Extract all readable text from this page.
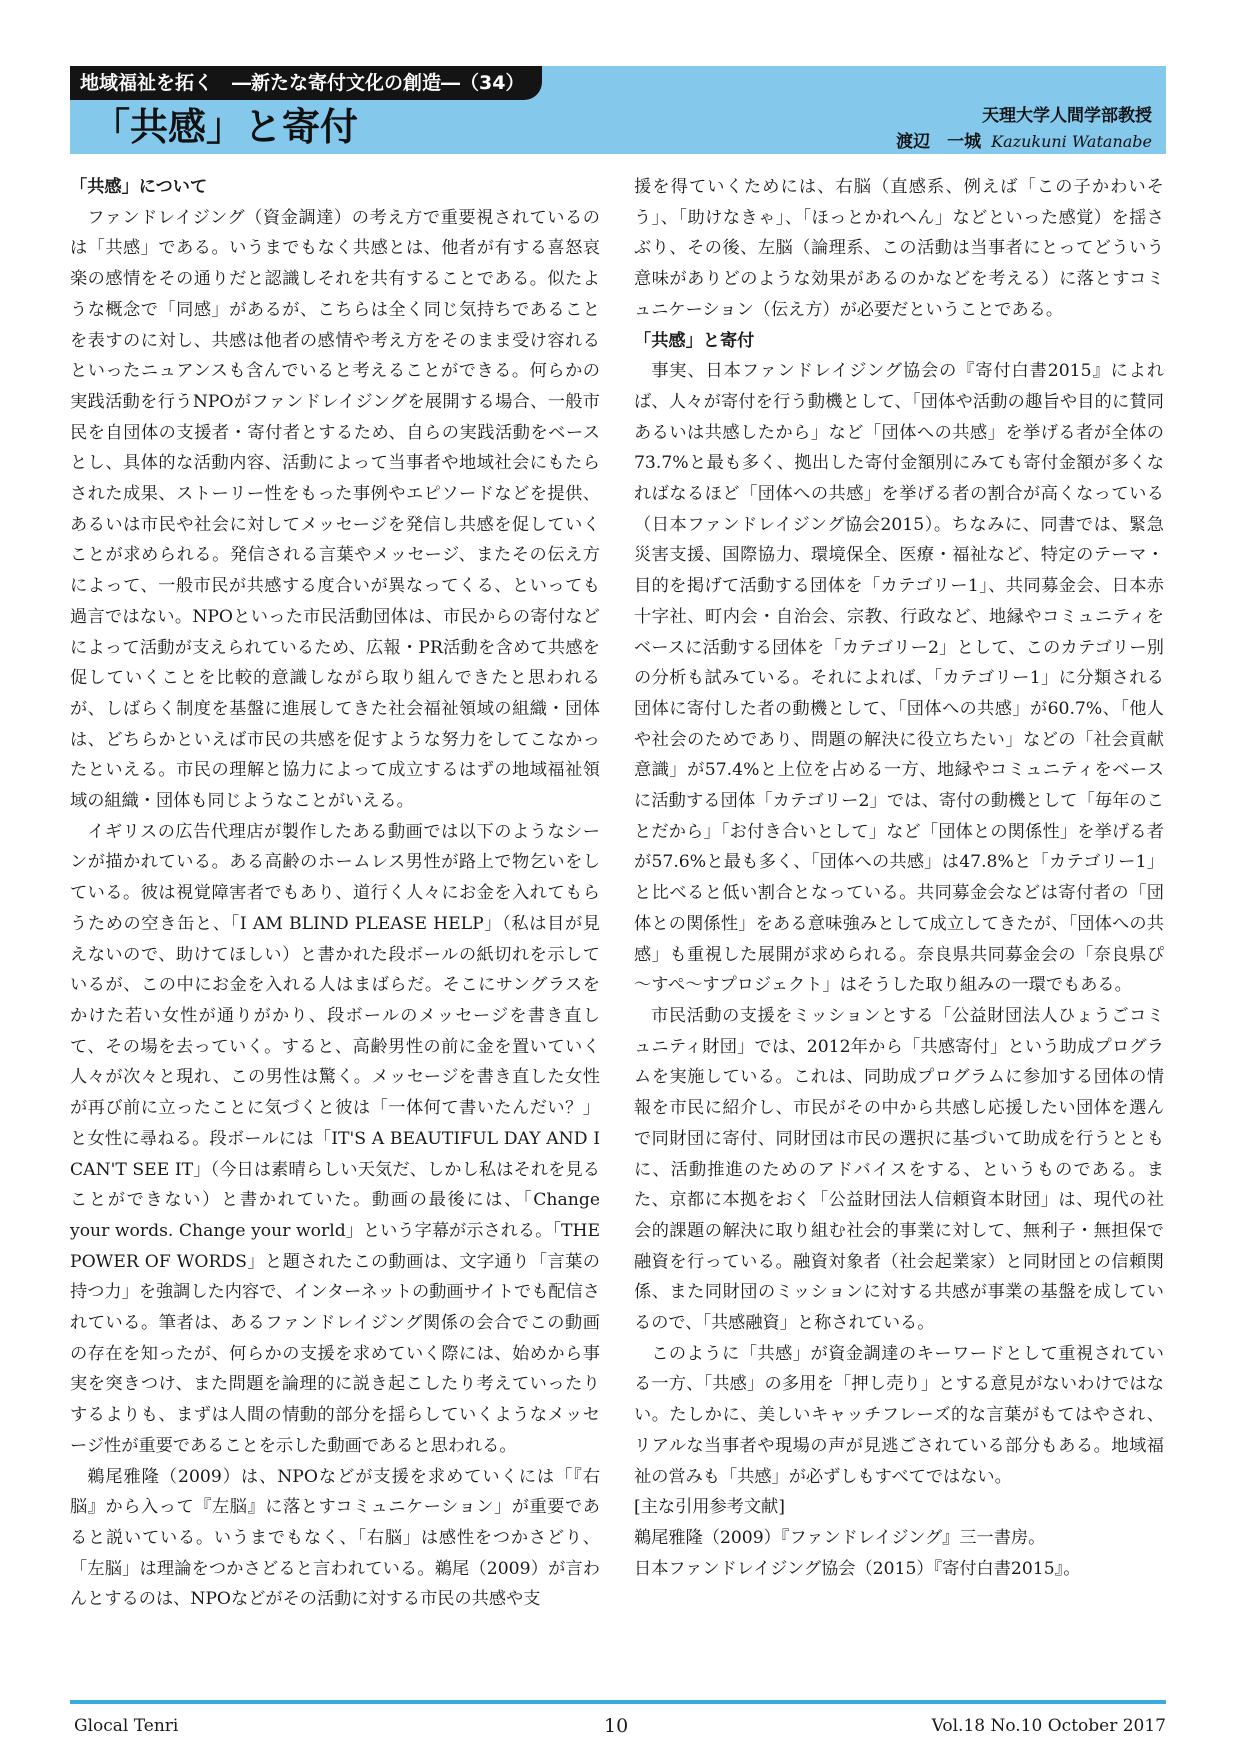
地域福祉を拓く　―新たな寄付文化の創造―（34）
「共感」と寄付	天理大学人間学部教授
渡辺　一城 Kazukuni Watanabe
「共感」について

ファンドレイジング（資金調達）の考え方で重要視されているのは「共感」である。いうまでもなく共感とは、他者が有する喜怒哀楽の感情をその通りだと認識しそれを共有することである。似たような概念で「同感」があるが、こちらは全く同じ気持ちであることを表すのに対し、共感は他者の感情や考え方をそのまま受け容れるといったニュアンスも含んでいると考えることができる。何らかの実践活動を行うNPOがファンドレイジングを展開する場合、一般市民を自団体の支援者・寄付者とするため、自らの実践活動をベースとし、具体的な活動内容、活動によって当事者や地域社会にもたらされた成果、ストーリー性をもった事例やエピソードなどを提供、あるいは市民や社会に対してメッセージを発信し共感を促していくことが求められる。発信される言葉やメッセージ、またその伝え方によって、一般市民が共感する度合いが異なってくる、といっても過言ではない。NPOといった市民活動団体は、市民からの寄付などによって活動が支えられているため、広報・PR活動を含めて共感を促していくことを比較的意識しながら取り組んできたと思われるが、しばらく制度を基盤に進展してきた社会福祉領域の組織・団体は、どちらかといえば市民の共感を促すような努力をしてこなかったといえる。市民の理解と協力によって成立するはずの地域福祉領域の組織・団体も同じようなことがいえる。

イギリスの広告代理店が製作したある動画では以下のようなシーンが描かれている。ある高齢のホームレス男性が路上で物乞いをしている。彼は視覚障害者でもあり、道行く人々にお金を入れてもらうための空き缶と、「I AM BLIND PLEASE HELP」（私は目が見えないので、助けてほしい）と書かれた段ボールの紙切れを示しているが、この中にお金を入れる人はまばらだ。そこにサングラスをかけた若い女性が通りがかり、段ボールのメッセージを書き直して、その場を去っていく。すると、高齢男性の前に金を置いていく人々が次々と現れ、この男性は驚く。メッセージを書き直した女性が再び前に立ったことに気づくと彼は「一体何て書いたんだい？」と女性に尋ねる。段ボールには「IT'S A BEAUTIFUL DAY AND I CAN'T SEE IT」（今日は素晴らしい天気だ、しかし私はそれを見ることができない）と書かれていた。動画の最後には、「Change your words. Change your world」という字幕が示される。「THE POWER OF WORDS」と題されたこの動画は、文字通り「言葉の持つ力」を強調した内容で、インターネットの動画サイトでも配信されている。筆者は、あるファンドレイジング関係の会合でこの動画の存在を知ったが、何らかの支援を求めていく際には、始めから事実を突きつけ、また問題を論理的に説き起こしたり考えていったりするよりも、まずは人間の情動的部分を揺らしていくようなメッセージ性が重要であることを示した動画であると思われる。

鵜尾雅隆（2009）は、NPOなどが支援を求めていくには「『右脳』から入って『左脳』に落とすコミュニケーション」が重要であると説いている。いうまでもなく、「右脳」は感性をつかさどり、「左脳」は理論をつかさどると言われている。鵜尾（2009）が言わんとするのは、NPOなどがその活動に対する市民の共感や支

援を得ていくためには、右脳（直感系、例えば「この子かわいそう」、「助けなきゃ」、「ほっとかれへん」などといった感覚）を揺さぶり、その後、左脳（論理系、この活動は当事者にとってどういう意味がありどのような効果があるのかなどを考える）に落とすコミュニケーション（伝え方）が必要だということである。

「共感」と寄付

事実、日本ファンドレイジング協会の『寄付白書2015』によれば、人々が寄付を行う動機として、「団体や活動の趣旨や目的に賛同あるいは共感したから」など「団体への共感」を挙げる者が全体の73.7%と最も多く、拠出した寄付金額別にみても寄付金額が多くなればなるほど「団体への共感」を挙げる者の割合が高くなっている（日本ファンドレイジング協会2015）。ちなみに、同書では、緊急災害支援、国際協力、環境保全、医療・福祉など、特定のテーマ・目的を掲げて活動する団体を「カテゴリー1」、共同募金会、日本赤十字社、町内会・自治会、宗教、行政など、地縁やコミュニティをベースに活動する団体を「カテゴリー2」として、このカテゴリー別の分析も試みている。それによれば、「カテゴリー1」に分類される団体に寄付した者の動機として、「団体への共感」が60.7%、「他人や社会のためであり、問題の解決に役立ちたい」などの「社会貢献意識」が57.4%と上位を占める一方、地縁やコミュニティをベースに活動する団体「カテゴリー2」では、寄付の動機として「毎年のことだから」「お付き合いとして」など「団体との関係性」を挙げる者が57.6%と最も多く、「団体への共感」は47.8%と「カテゴリー1」と比べると低い割合となっている。共同募金会などは寄付者の「団体との関係性」をある意味強みとして成立してきたが、「団体への共感」も重視した展開が求められる。奈良県共同募金会の「奈良県ぴ～すぺ～すプロジェクト」はそうした取り組みの一環でもある。

市民活動の支援をミッションとする「公益財団法人ひょうごコミュニティ財団」では、2012年から「共感寄付」という助成プログラムを実施している。これは、同助成プログラムに参加する団体の情報を市民に紹介し、市民がその中から共感し応援したい団体を選んで同財団に寄付、同財団は市民の選択に基づいて助成を行うとともに、活動推進のためのアドバイスをする、というものである。また、京都に本拠をおく「公益財団法人信頼資本財団」は、現代の社会的課題の解決に取り組む社会的事業に対して、無利子・無担保で融資を行っている。融資対象者（社会起業家）と同財団との信頼関係、また同財団のミッションに対する共感が事業の基盤を成しているので、「共感融資」と称されている。

このように「共感」が資金調達のキーワードとして重視されている一方、「共感」の多用を「押し売り」とする意見がないわけではない。たしかに、美しいキャッチフレーズ的な言葉がもてはやされ、リアルな当事者や現場の声が見逃ごされている部分もある。地域福祉の営みも「共感」が必ずしもすべてではない。

[主な引用参考文献]

鵜尾雅隆（2009）『ファンドレイジング』三一書房。

日本ファンドレイジング協会（2015）『寄付白書2015』。

Glocal Tenri	10	Vol.18 No.10 October 2017
